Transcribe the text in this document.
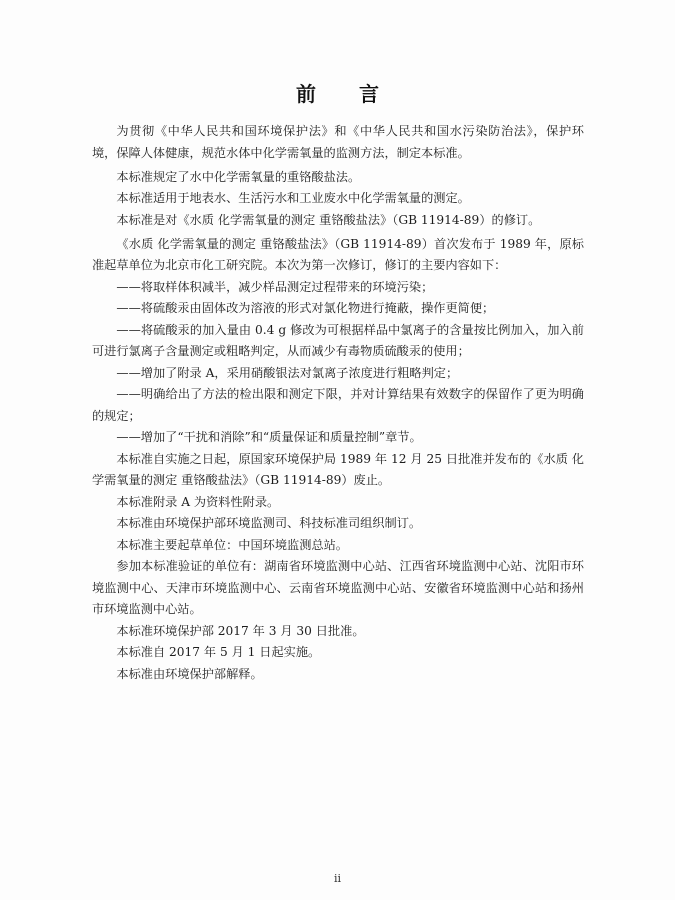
前 言

为贯彻《中华人民共和国环境保护法》和《中华人民共和国水污染防治法》，保护环境，保障人体健康，规范水体中化学需氧量的监测方法，制定本标准。

本标准规定了水中化学需氧量的重铬酸盐法。

本标准适用于地表水、生活污水和工业废水中化学需氧量的测定。

本标准是对《水质 化学需氧量的测定 重铬酸盐法》（GB 11914-89）的修订。

《水质 化学需氧量的测定 重铬酸盐法》（GB 11914-89）首次发布于 1989 年，原标准起草单位为北京市化工研究院。本次为第一次修订，修订的主要内容如下：

——将取样体积减半，减少样品测定过程带来的环境污染；

——将硫酸汞由固体改为溶液的形式对氯化物进行掩蔽，操作更简便；

——将硫酸汞的加入量由 0.4 g 修改为可根据样品中氯离子的含量按比例加入，加入前可进行氯离子含量测定或粗略判定，从而减少有毒物质硫酸汞的使用；

——增加了附录 A，采用硝酸银法对氯离子浓度进行粗略判定；

——明确给出了方法的检出限和测定下限，并对计算结果有效数字的保留作了更为明确的规定；

——增加了“干扰和消除”和“质量保证和质量控制”章节。

本标准自实施之日起，原国家环境保护局 1989 年 12 月 25 日批准并发布的《水质 化学需氧量的测定 重铬酸盐法》（GB 11914-89）废止。

本标准附录 A 为资料性附录。

本标准由环境保护部环境监测司、科技标准司组织制订。

本标准主要起草单位：中国环境监测总站。

参加本标准验证的单位有：湖南省环境监测中心站、江西省环境监测中心站、沈阳市环境监测中心、天津市环境监测中心、云南省环境监测中心站、安徽省环境监测中心站和扬州市环境监测中心站。

本标准环境保护部 2017 年 3 月 30 日批准。

本标准自 2017 年 5 月 1 日起实施。

本标准由环境保护部解释。

ii
